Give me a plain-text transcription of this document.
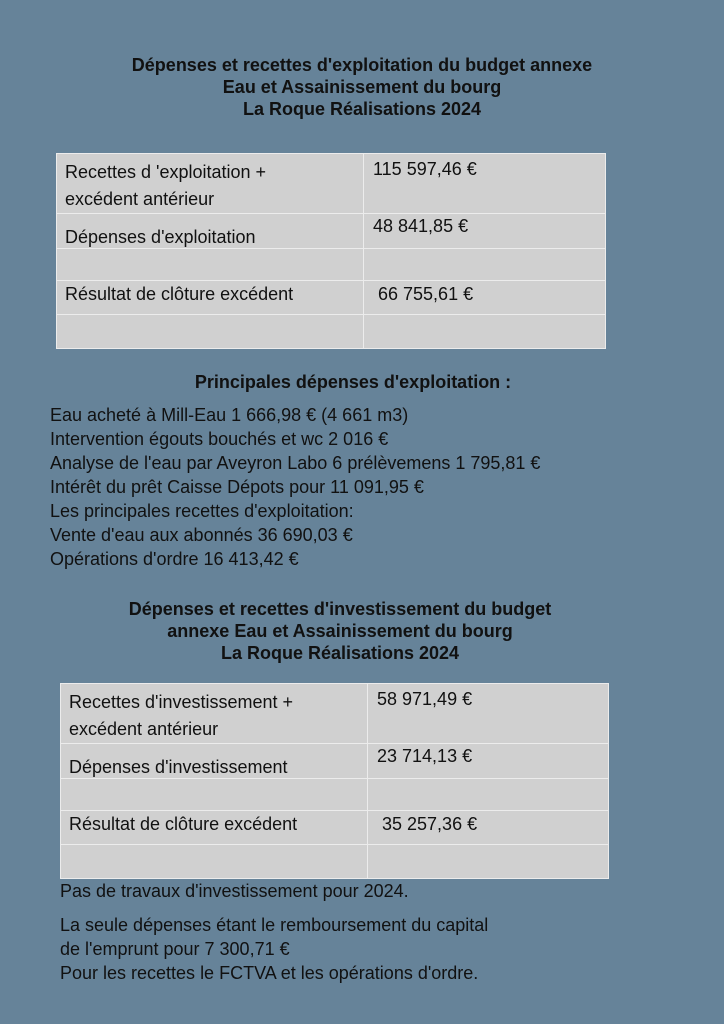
Dépenses et recettes d'exploitation du budget annexe
Eau et Assainissement du bourg
La Roque Réalisations 2024
Recettes d 'exploitation +
excédent antérieur	115 597,46 €

Dépenses d'exploitation	48 841,85 €

Résultat de clôture excédent	66 755,61 €

Principales dépenses d'exploitation :
Eau acheté à Mill-Eau 1 666,98 € (4 661 m3)
Intervention égouts bouchés et wc 2 016 €
Analyse de l'eau par Aveyron Labo 6 prélèvemens 1 795,81 €
Intérêt du prêt Caisse Dépots pour 11 091,95 €
Les principales recettes d'exploitation:
Vente d'eau aux abonnés 36 690,03 €
Opérations d'ordre 16 413,42 €
Dépenses et recettes d'investissement du budget
annexe Eau et Assainissement du bourg
La Roque Réalisations 2024
Recettes d'investissement +
excédent antérieur	58 971,49 €

Dépenses d'investissement	23 714,13 €

Résultat de clôture excédent	35 257,36 €

Pas de travaux d'investissement pour 2024.
La seule dépenses étant le remboursement du capital
de l'emprunt pour 7 300,71 €
Pour les recettes le FCTVA et les opérations d'ordre.
